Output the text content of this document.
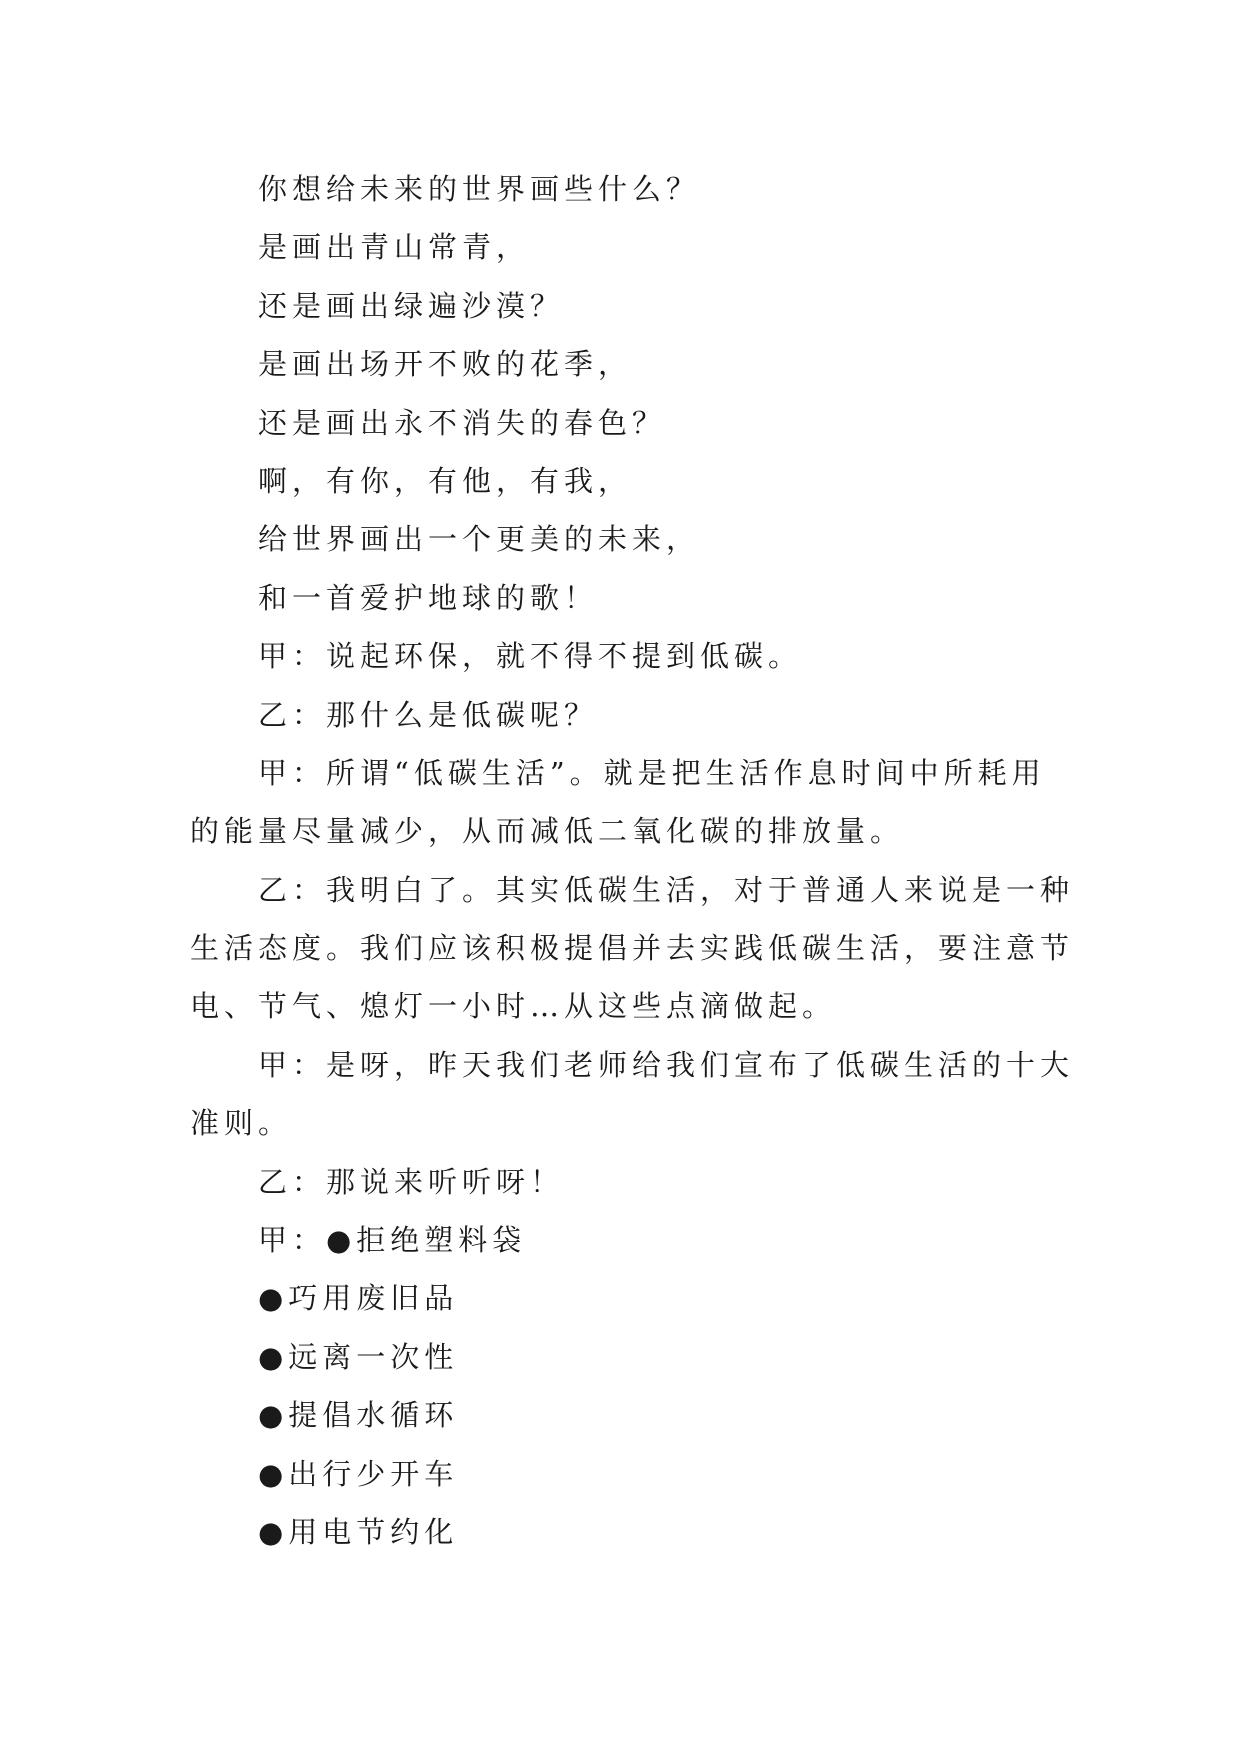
你想给未来的世界画些什么？
是画出青山常青，
还是画出绿遍沙漠？
是画出场开不败的花季，
还是画出永不消失的春色？
啊，有你，有他，有我，
给世界画出一个更美的未来，
和一首爱护地球的歌！
甲：说起环保，就不得不提到低碳。
乙：那什么是低碳呢？
甲：所谓“低碳生活”。就是把生活作息时间中所耗用
的能量尽量减少，从而减低二氧化碳的排放量。
乙：我明白了。其实低碳生活，对于普通人来说是一种
生活态度。我们应该积极提倡并去实践低碳生活，要注意节
电、节气、熄灯一小时…从这些点滴做起。
甲：是呀，昨天我们老师给我们宣布了低碳生活的十大
准则。
乙：那说来听听呀！
甲：●拒绝塑料袋
●巧用废旧品
●远离一次性
●提倡水循环
●出行少开车
●用电节约化
